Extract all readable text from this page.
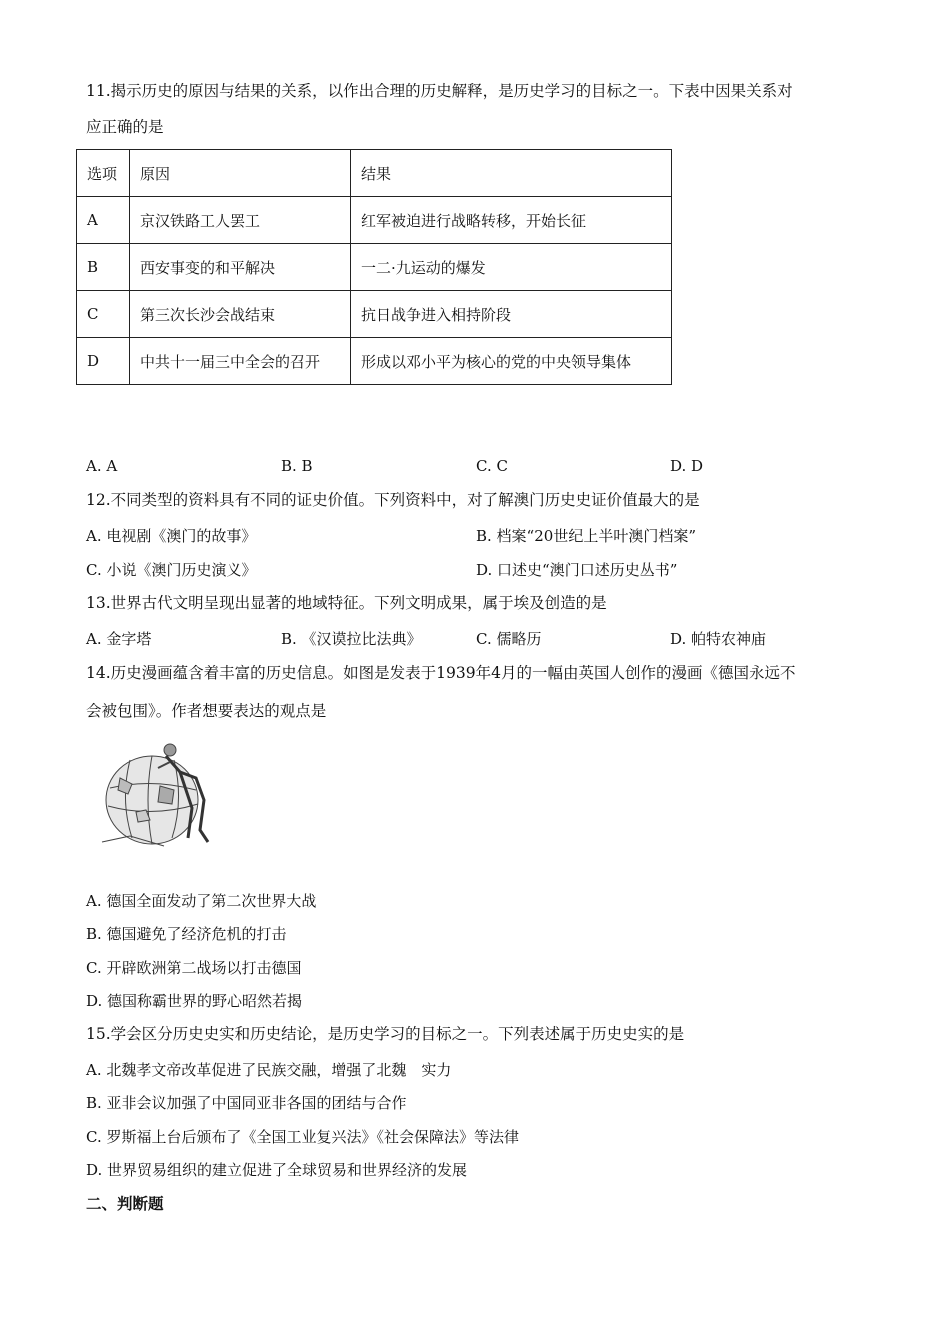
11.揭示历史的原因与结果的关系，以作出合理的历史解释，是历史学习的目标之一。下表中因果关系对
应正确的是
选项	原因	结果
A	京汉铁路工人罢工	红军被迫进行战略转移，开始长征
B	西安事变的和平解决	一二·九运动的爆发
C	第三次长沙会战结束	抗日战争进入相持阶段
D	中共十一届三中全会的召开	形成以邓小平为核心的党的中央领导集体
A. A	B. B	C. C	D. D
12.不同类型的资料具有不同的证史价值。下列资料中，对了解澳门历史史证价值最大的是
A. 电视剧《澳门的故事》	B. 档案“20世纪上半叶澳门档案”
C. 小说《澳门历史演义》	D. 口述史“澳门口述历史丛书”
13.世界古代文明呈现出显著的地域特征。下列文明成果，属于埃及创造的是
A. 金字塔	B. 《汉谟拉比法典》	C. 儒略历	D. 帕特农神庙
14.历史漫画蕴含着丰富的历史信息。如图是发表于1939年4月的一幅由英国人创作的漫画《德国永远不
会被包围》。作者想要表达的观点是
A. 德国全面发动了第二次世界大战
B. 德国避免了经济危机的打击
C. 开辟欧洲第二战场以打击德国
D. 德国称霸世界的野心昭然若揭
15.学会区分历史史实和历史结论，是历史学习的目标之一。下列表述属于历史史实的是
A. 北魏孝文帝改革促进了民族交融，增强了北魏　实力
B. 亚非会议加强了中国同亚非各国的团结与合作
C. 罗斯福上台后颁布了《全国工业复兴法》《社会保障法》等法律
D. 世界贸易组织的建立促进了全球贸易和世界经济的发展
二、判断题
